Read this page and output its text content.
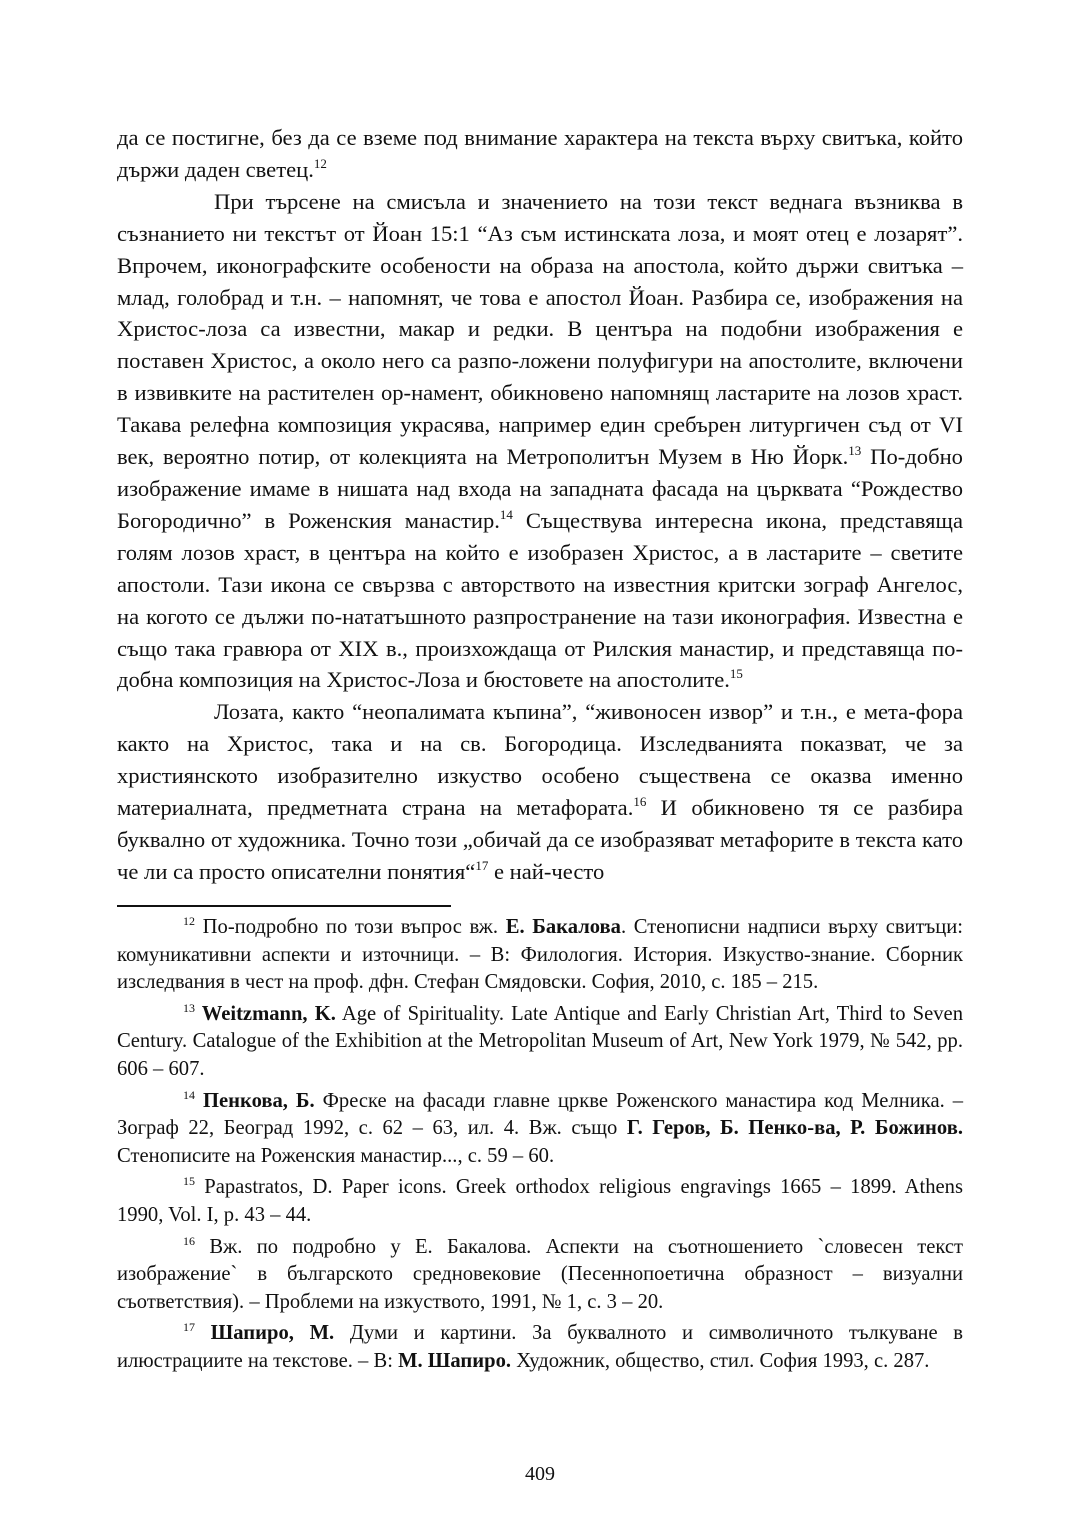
да се постигне, без да се вземе под внимание характера на текста върху свитъка, който държи даден светец.$^{12}$

При търсене на смисъла и значението на този текст веднага възниква в съзнанието ни текстът от Йоан 15:1 “Аз съм истинската лоза, и моят отец е лозарят”. Впрочем, иконографските особености на образа на апостола, който държи свитъка – млад, голобрад и т.н. – напомнят, че това е апостол Йоан. Разбира се, изображения на Христос-лоза са известни, макар и редки. В центъра на подобни изображения е поставен Христос, а около него са разпо-ложени полуфигури на апостолите, включени в извивките на растителен ор-намент, обикновено напомнящ ластарите на лозов храст. Такава релефна композиция украсява, например един сребърен литургичен съд от VI век, вероятно потир, от колекцията на Метрополитън Музем в Ню Йорк.$^{13}$ По-добно изображение имаме в нишата над входа на западната фасада на църквата “Рождество Богородично” в Роженския манастир.$^{14}$ Съществува интересна икона, представяща голям лозов храст, в центъра на който е изобразен Христос, а в ластарите – светите апостоли. Тази икона се свързва с авторството на известния критски зограф Ангелос, на когото се дължи по-нататъшното разпространение на тази иконография. Известна е също така гравюра от XIX в., произхождаща от Рилския манастир, и представяща по-добна композиция на Христос-Лоза и бюстовете на апостолите.$^{15}$

Лозата, както “неопалимата къпина”, “живоносен извор” и т.н., е мета-фора както на Христос, така и на св. Богородица. Изследванията показват, че за християнското изобразително изкуство особено съществена се оказва именно материалната, предметната страна на метафората.$^{16}$ И обикновено тя се разбира буквално от художника. Точно този „обичай да се изобразяват метафорите в текста като че ли са просто описателни понятия“$^{17}$ е най-често

$^{12}$ По-подробно по този въпрос вж. Е. Бакалова. Стенописни надписи върху свитъци: комуникативни аспекти и източници. – В: Филология. История. Изкуство-знание. Сборник изследвания в чест на проф. дфн. Стефан Смядовски. София, 2010, с. 185 – 215.

$^{13}$ Weitzmann, K. Age of Spirituality. Late Antique and Early Christian Art, Third to Seven Century. Catalogue of the Exhibition at the Metropolitan Museum of Art, New York 1979, № 542, pp. 606 – 607.

$^{14}$ Пенкова, Б. Фреске на фасади главне цркве Роженского манастира код Мелника. – Зограф 22, Београд 1992, с. 62 – 63, ил. 4. Вж. също Г. Геров, Б. Пенко-ва, Р. Божинов. Стенописите на Роженския манастир..., с. 59 – 60.

$^{15}$ Papastratos, D. Paper icons. Greek orthodox religious engravings 1665 – 1899. Athens 1990, Vol. I, p. 43 – 44.

$^{16}$ Вж. по подробно у Е. Бакалова. Аспекти на съотношението `словесен текст изображение` в българското средновековие (Песеннопоетична образност – визуални съответствия). – Проблеми на изкуството, 1991, № 1, с. 3 – 20.

$^{17}$ Шапиро, М. Думи и картини. За буквалното и символичното тълкуване в илюстрациите на текстове. – В: М. Шапиро. Художник, общество, стил. София 1993, с. 287.

409
